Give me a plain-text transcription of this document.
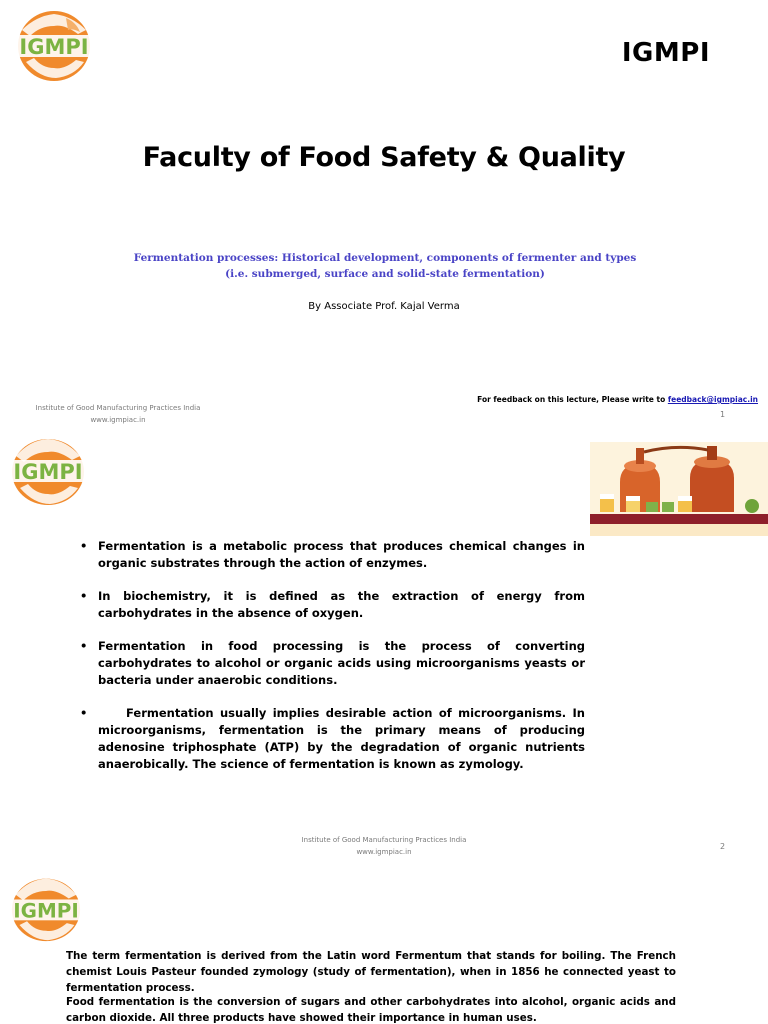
IGMPI	IGMPI
Faculty of Food Safety & Quality
Fermentation processes: Historical development, components of fermenter and types (i.e. submerged, surface and solid-state fermentation)
By Associate Prof. Kajal Verma
Institute of Good Manufacturing Practices India
www.igmpiac.in
For feedback on this lecture, Please write to feedback@igmpiac.in
1
IGMPI
• Fermentation is a metabolic process that produces chemical changes in organic substrates through the action of enzymes.
• In biochemistry, it is defined as the extraction of energy from carbohydrates in the absence of oxygen.
• Fermentation in food processing is the process of converting carbohydrates to alcohol or organic acids using microorganisms yeasts or bacteria under anaerobic conditions.
•	Fermentation usually implies desirable action of microorganisms. In microorganisms, fermentation is the primary means of producing adenosine triphosphate (ATP) by the degradation of organic nutrients anaerobically. The science of fermentation is known as zymology.
Institute of Good Manufacturing Practices India
www.igmpiac.in
2
IGMPI
The term fermentation is derived from the Latin word Fermentum that stands for boiling. The French chemist Louis Pasteur founded zymology (study of fermentation), when in 1856 he connected yeast to fermentation process.
Food fermentation is the conversion of sugars and other carbohydrates into alcohol, organic acids and carbon dioxide. All three products have showed their importance in human uses.
